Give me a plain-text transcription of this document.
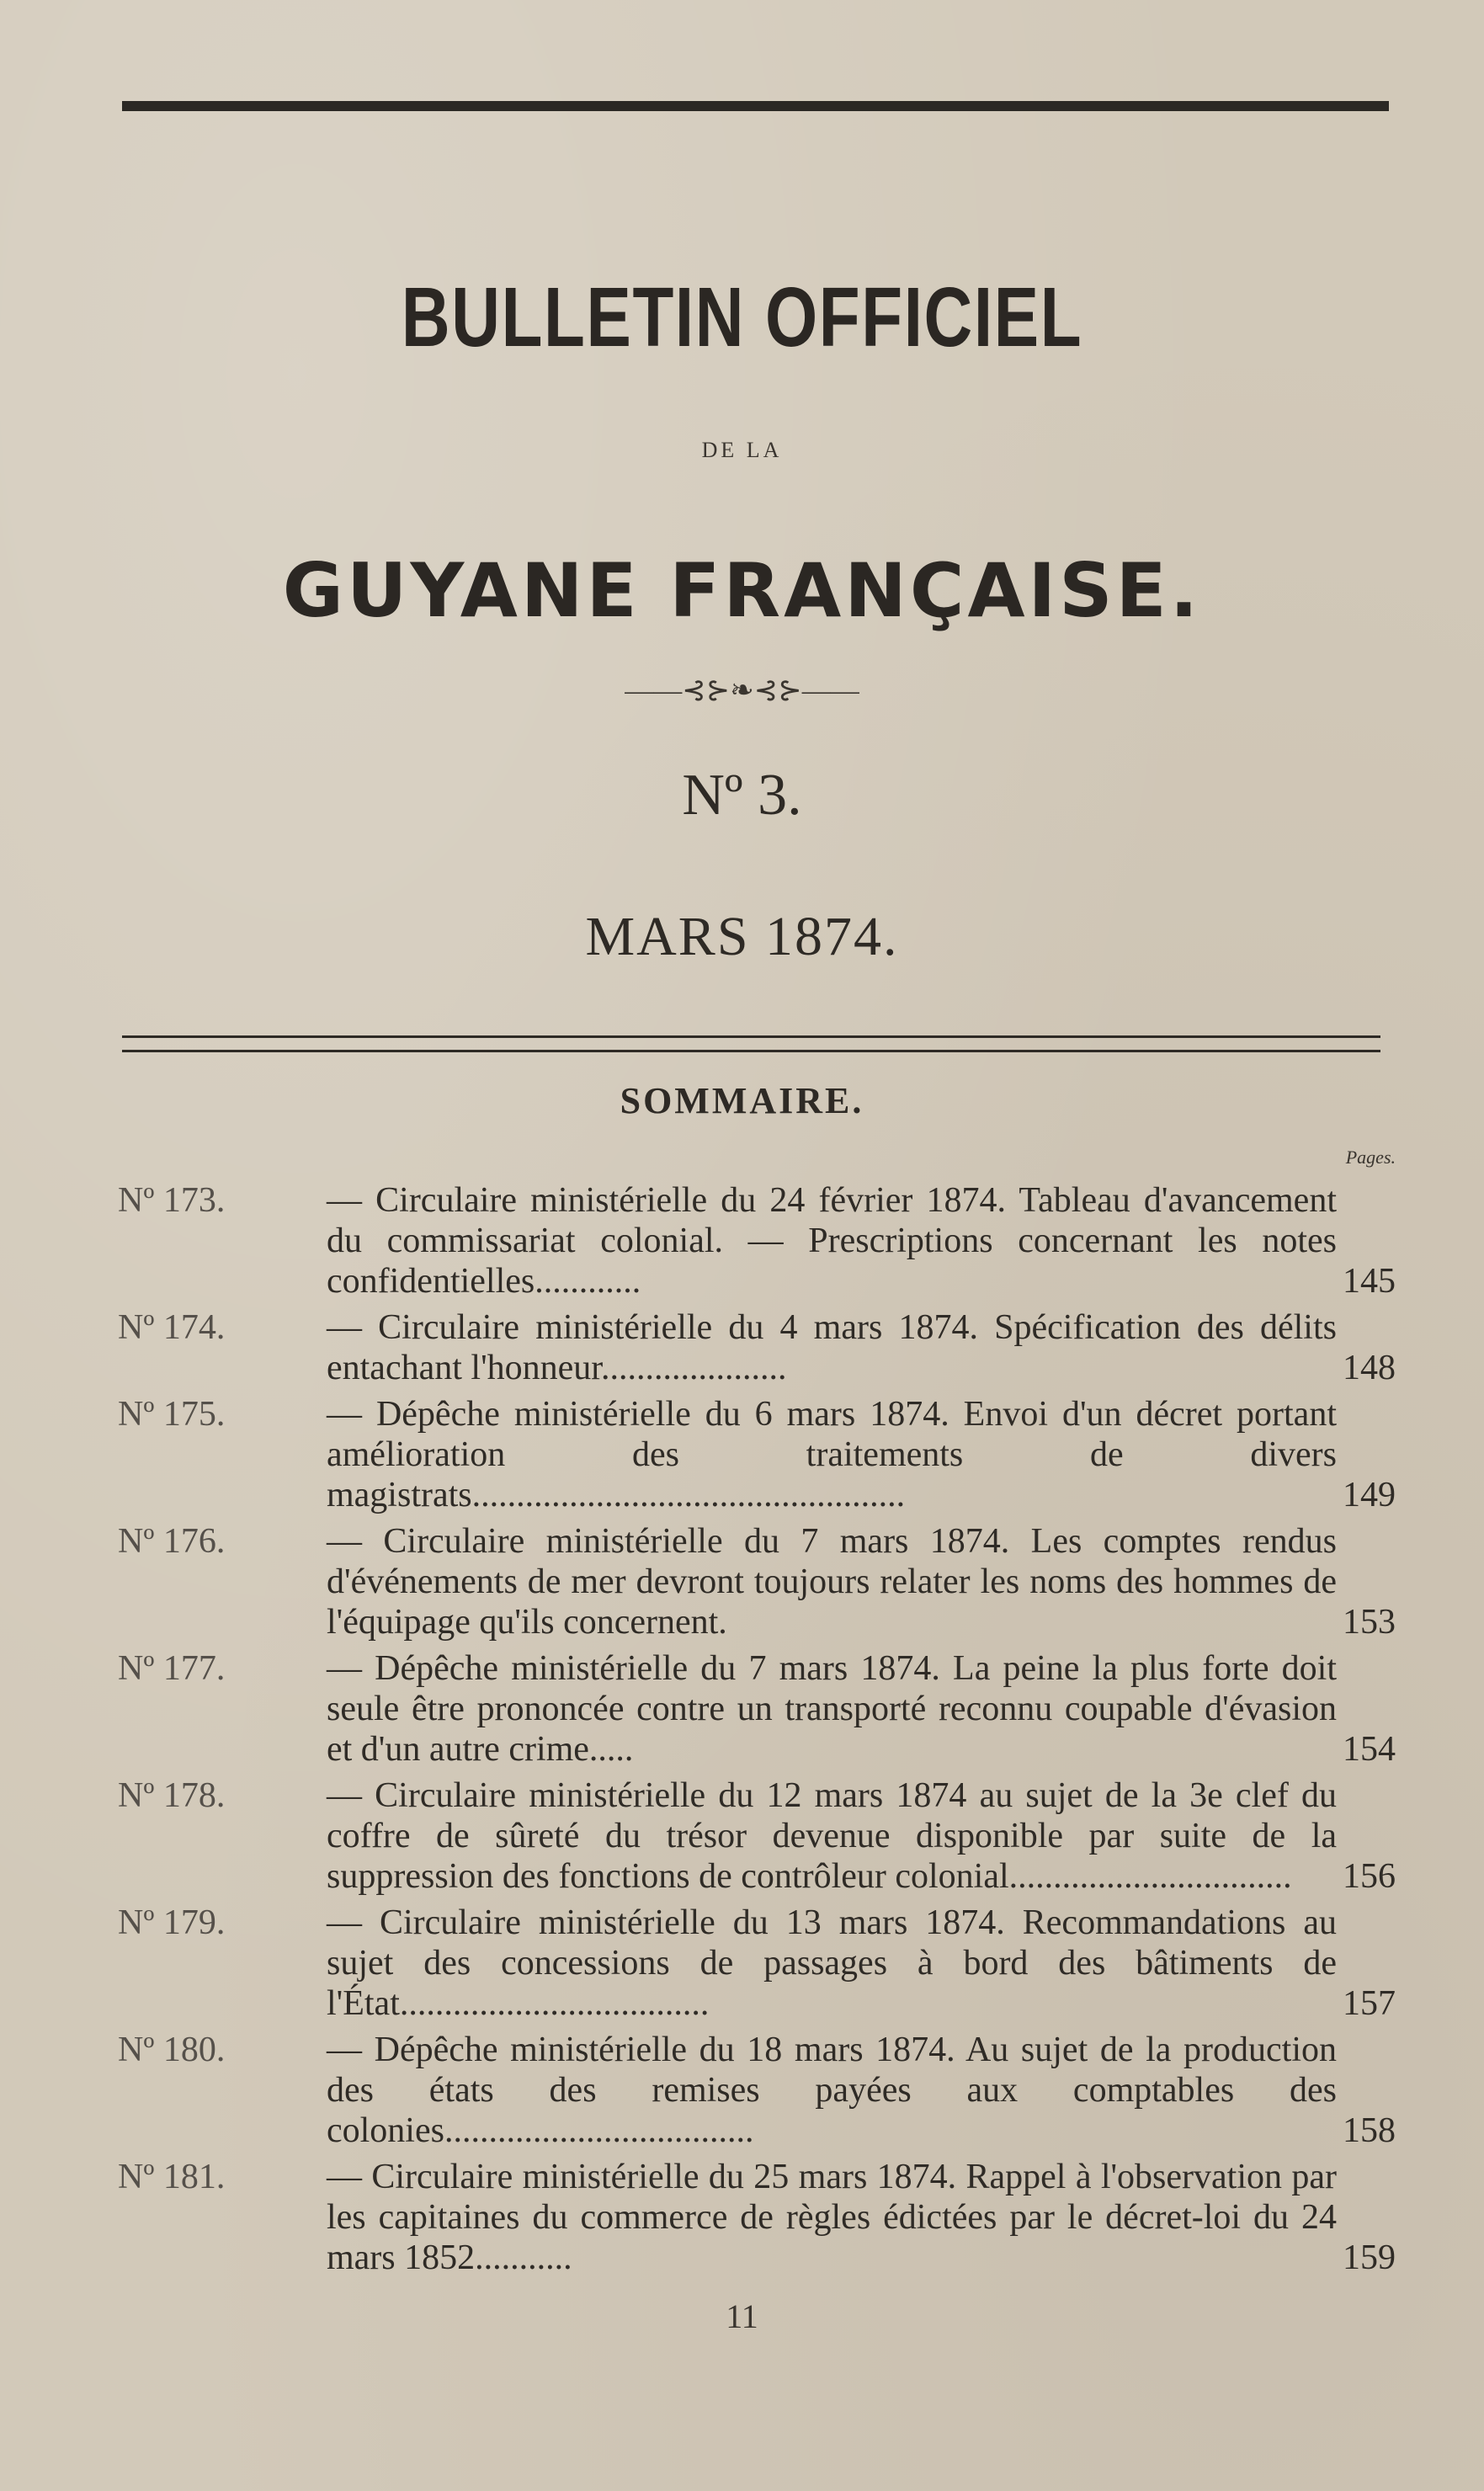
BULLETIN OFFICIEL
DE LA
GUYANE FRANÇAISE.
——⊰⊱❧⊰⊱——
Nº 3.
MARS 1874.
SOMMAIRE.
Pages.
Nº 173.	— Circulaire ministérielle du 24 février 1874. Tableau d'avancement du commissariat colonial. — Prescriptions concernant les notes confidentielles............	145
Nº 174.	— Circulaire ministérielle du 4 mars 1874. Spécification des délits entachant l'honneur.....................	148
Nº 175.	— Dépêche ministérielle du 6 mars 1874. Envoi d'un décret portant amélioration des traitements de divers magistrats.................................................	149
Nº 176.	— Circulaire ministérielle du 7 mars 1874. Les comptes rendus d'événements de mer devront toujours relater les noms des hommes de l'équipage qu'ils concernent.	153
Nº 177.	— Dépêche ministérielle du 7 mars 1874. La peine la plus forte doit seule être prononcée contre un transporté reconnu coupable d'évasion et d'un autre crime.....	154
Nº 178.	— Circulaire ministérielle du 12 mars 1874 au sujet de la 3e clef du coffre de sûreté du trésor devenue disponible par suite de la suppression des fonctions de contrôleur colonial................................	156
Nº 179.	— Circulaire ministérielle du 13 mars 1874. Recommandations au sujet des concessions de passages à bord des bâtiments de l'État...................................	157
Nº 180.	— Dépêche ministérielle du 18 mars 1874. Au sujet de la production des états des remises payées aux comptables des colonies...................................	158
Nº 181.	— Circulaire ministérielle du 25 mars 1874. Rappel à l'observation par les capitaines du commerce de règles édictées par le décret-loi du 24 mars 1852...........	159
11
